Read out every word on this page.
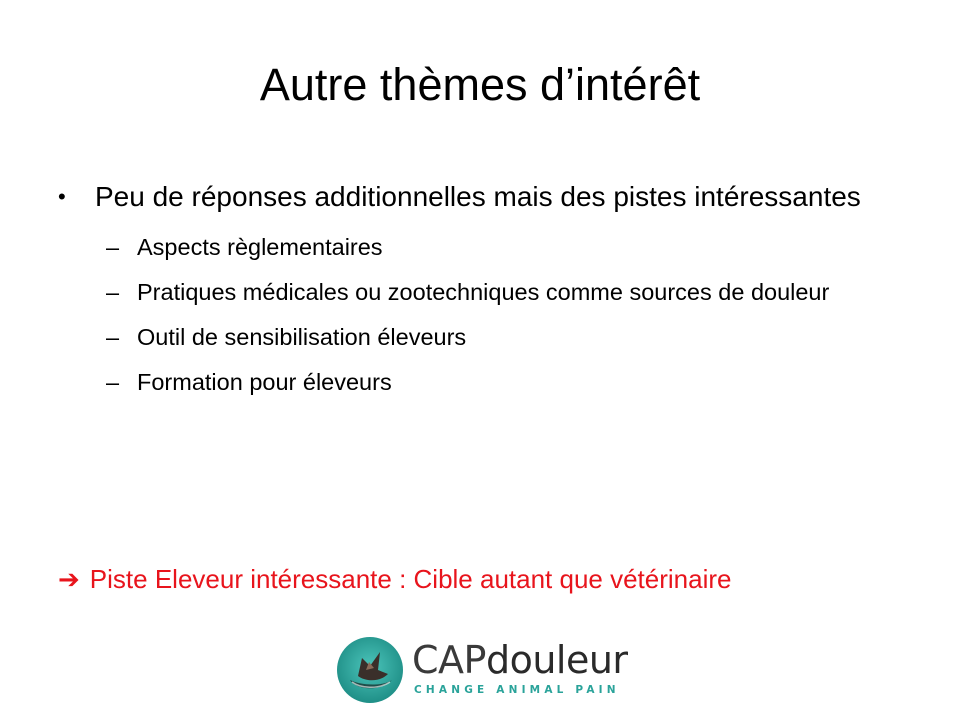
Autre thèmes d’intérêt
• Peu de réponses additionnelles mais des pistes intéressantes
– Aspects règlementaires
– Pratiques médicales ou zootechniques comme sources de douleur
– Outil de sensibilisation éleveurs
– Formation pour éleveurs
➔ Piste Eleveur intéressante : Cible autant que vétérinaire
CAPdouleur
CHANGE ANIMAL PAIN
